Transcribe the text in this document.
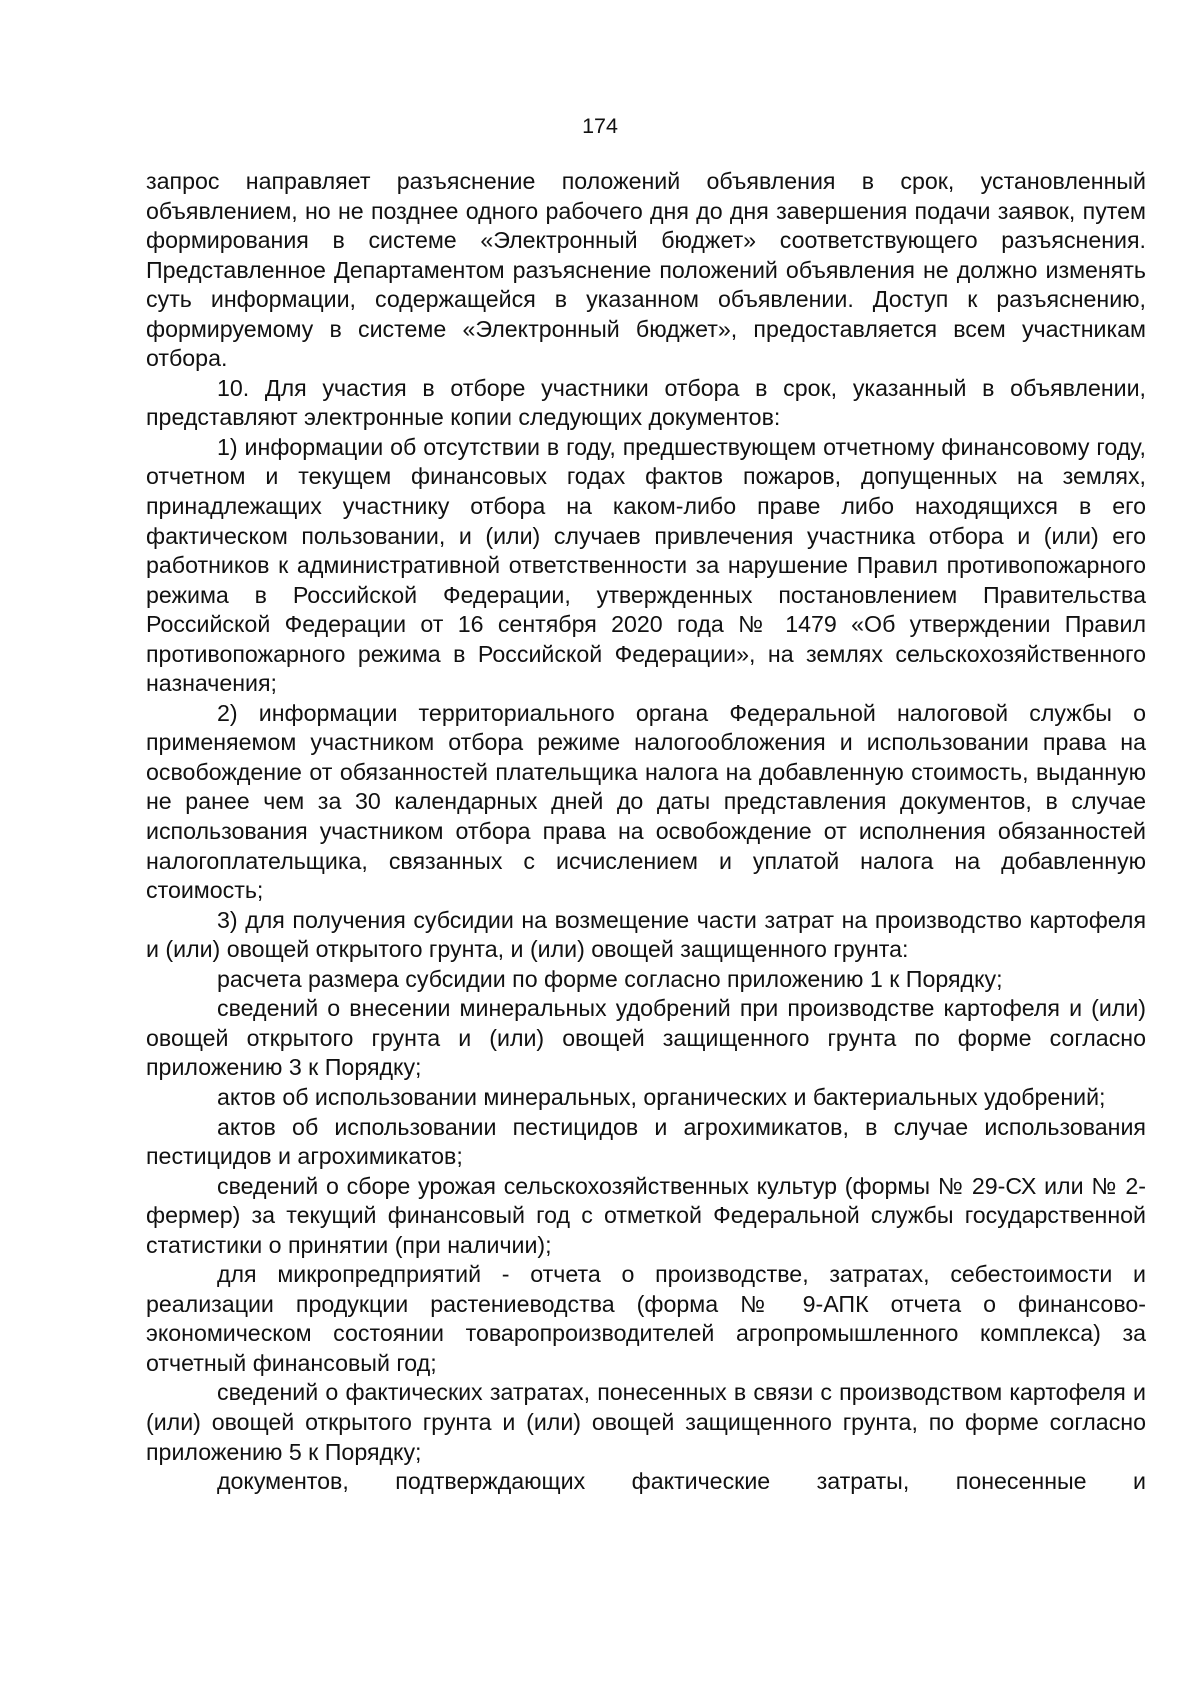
174

запрос направляет разъяснение положений объявления в срок, установленный объявлением, но не позднее одного рабочего дня до дня завершения подачи заявок, путем формирования в системе «Электронный бюджет» соответствующего разъяснения. Представленное Департаментом разъяснение положений объявления не должно изменять суть информации, содержащейся в указанном объявлении. Доступ к разъяснению, формируемому в системе «Электронный бюджет», предоставляется всем участникам отбора.

10. Для участия в отборе участники отбора в срок, указанный в объявлении, представляют электронные копии следующих документов:

1) информации об отсутствии в году, предшествующем отчетному финансовому году, отчетном и текущем финансовых годах фактов пожаров, допущенных на землях, принадлежащих участнику отбора на каком-либо праве либо находящихся в его фактическом пользовании, и (или) случаев привлечения участника отбора и (или) его работников к административной ответственности за нарушение Правил противопожарного режима в Российской Федерации, утвержденных постановлением Правительства Российской Федерации от 16 сентября 2020 года № 1479 «Об утверждении Правил противопожарного режима в Российской Федерации», на землях сельскохозяйственного назначения;

2) информации территориального органа Федеральной налоговой службы о применяемом участником отбора режиме налогообложения и использовании права на освобождение от обязанностей плательщика налога на добавленную стоимость, выданную не ранее чем за 30 календарных дней до даты представления документов, в случае использования участником отбора права на освобождение от исполнения обязанностей налогоплательщика, связанных с исчислением и уплатой налога на добавленную стоимость;

3) для получения субсидии на возмещение части затрат на производство картофеля и (или) овощей открытого грунта, и (или) овощей защищенного грунта:

расчета размера субсидии по форме согласно приложению 1 к Порядку;

сведений о внесении минеральных удобрений при производстве картофеля и (или) овощей открытого грунта и (или) овощей защищенного грунта по форме согласно приложению 3 к Порядку;

актов об использовании минеральных, органических и бактериальных удобрений;

актов об использовании пестицидов и агрохимикатов, в случае использования пестицидов и агрохимикатов;

сведений о сборе урожая сельскохозяйственных культур (формы № 29-СХ или № 2-фермер) за текущий финансовый год с отметкой Федеральной службы государственной статистики о принятии (при наличии);

для микропредприятий - отчета о производстве, затратах, себестоимости и реализации продукции растениеводства (форма № 9-АПК отчета о финансово-экономическом состоянии товаропроизводителей агропромышленного комплекса) за отчетный финансовый год;

сведений о фактических затратах, понесенных в связи с производством картофеля и (или) овощей открытого грунта и (или) овощей защищенного грунта, по форме согласно приложению 5 к Порядку;

документов, подтверждающих фактические затраты, понесенные и
